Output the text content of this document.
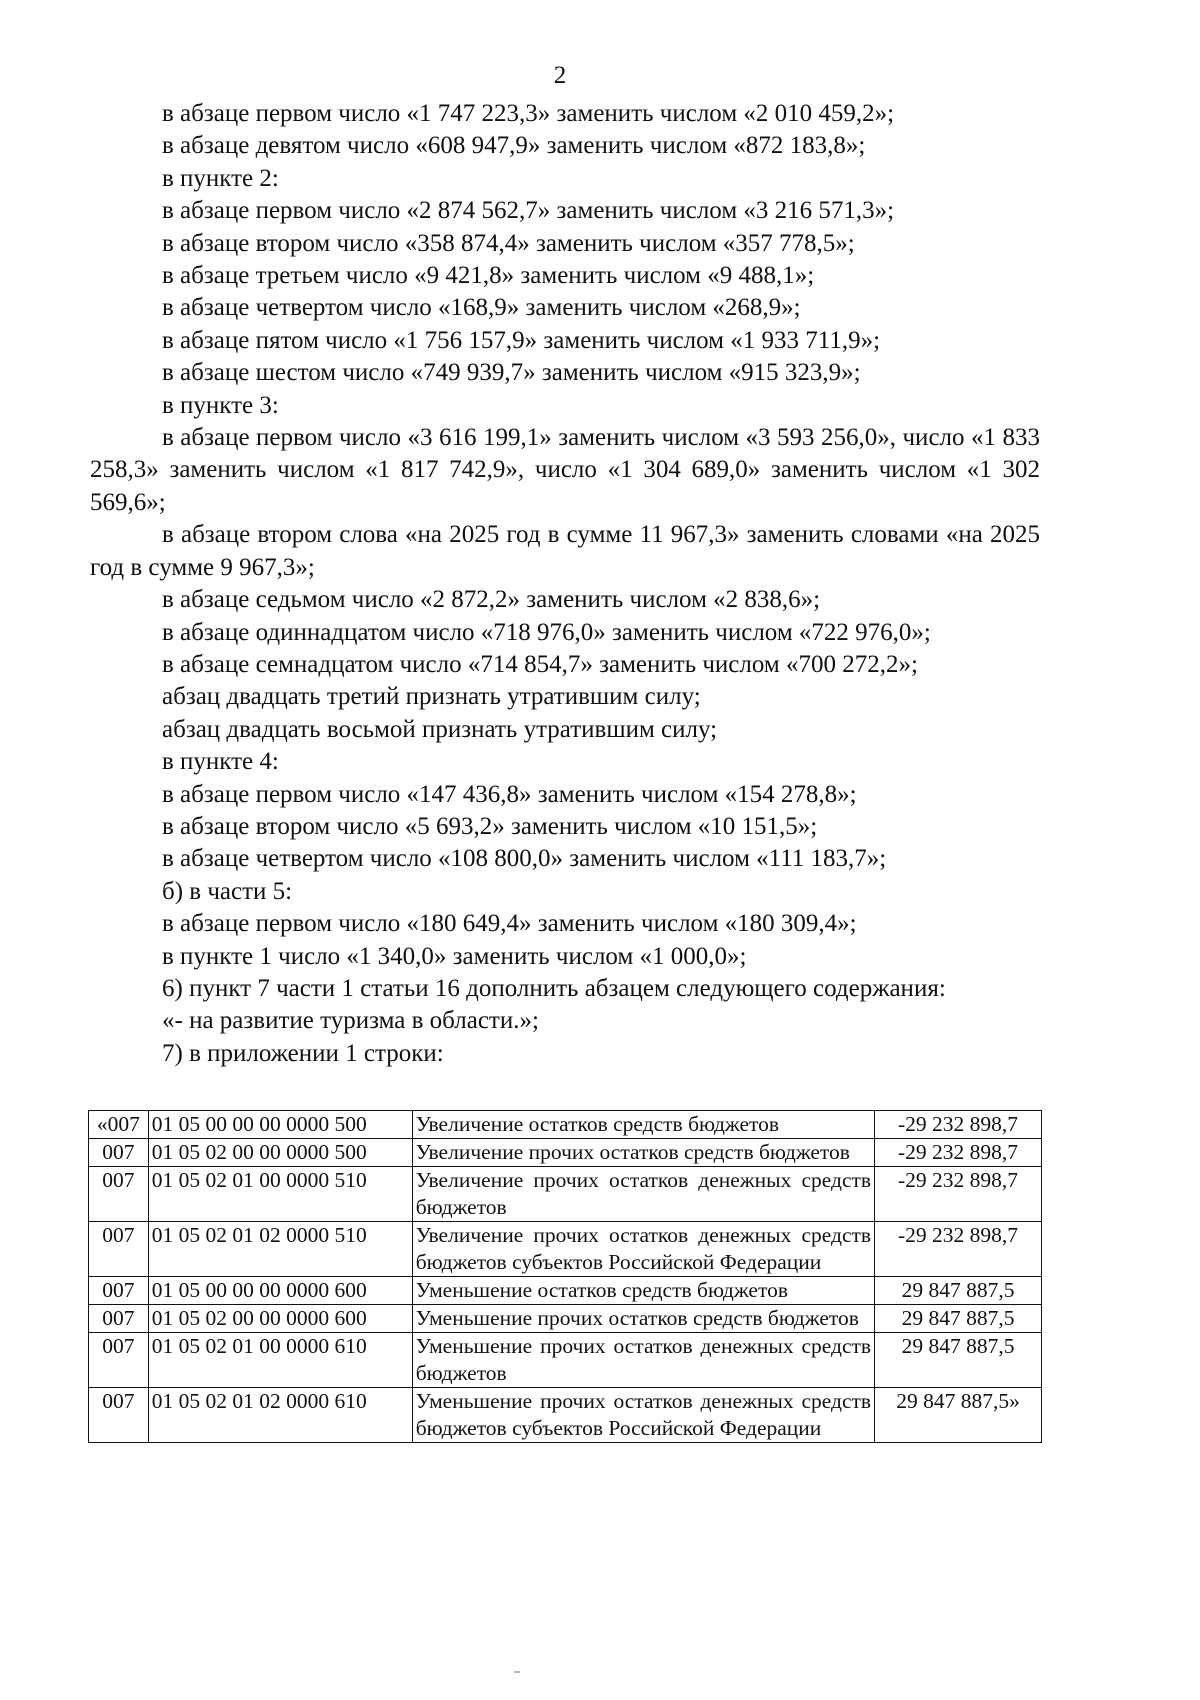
2

в абзаце первом число «1 747 223,3» заменить числом «2 010 459,2»;

в абзаце девятом число «608 947,9» заменить числом «872 183,8»;

в пункте 2:

в абзаце первом число «2 874 562,7» заменить числом «3 216 571,3»;

в абзаце втором число «358 874,4» заменить числом «357 778,5»;

в абзаце третьем число «9 421,8» заменить числом «9 488,1»;

в абзаце четвертом число «168,9» заменить числом «268,9»;

в абзаце пятом число «1 756 157,9» заменить числом «1 933 711,9»;

в абзаце шестом число «749 939,7» заменить числом «915 323,9»;

в пункте 3:

в абзаце первом число «3 616 199,1» заменить числом «3 593 256,0», число «1 833 258,3» заменить числом «1 817 742,9», число «1 304 689,0» заменить числом «1 302 569,6»;

в абзаце втором слова «на 2025 год в сумме 11 967,3» заменить словами «на 2025 год в сумме 9 967,3»;

в абзаце седьмом число «2 872,2» заменить числом «2 838,6»;

в абзаце одиннадцатом число «718 976,0» заменить числом «722 976,0»;

в абзаце семнадцатом число «714 854,7» заменить числом «700 272,2»;

абзац двадцать третий признать утратившим силу;

абзац двадцать восьмой признать утратившим силу;

в пункте 4:

в абзаце первом число «147 436,8» заменить числом «154 278,8»;

в абзаце втором число «5 693,2» заменить числом «10 151,5»;

в абзаце четвертом число «108 800,0» заменить числом «111 183,7»;

б) в части 5:

в абзаце первом число «180 649,4» заменить числом «180 309,4»;

в пункте 1 число «1 340,0» заменить числом «1 000,0»;

6) пункт 7 части 1 статьи 16 дополнить абзацем следующего содержания:

«- на развитие туризма в области.»;

7) в приложении 1 строки:

«007	01 05 00 00 00 0000 500	Увеличение остатков средств бюджетов	-29 232 898,7
007	01 05 02 00 00 0000 500	Увеличение прочих остатков средств бюджетов	-29 232 898,7
007	01 05 02 01 00 0000 510	Увеличение прочих остатков денежных средств бюджетов	-29 232 898,7
007	01 05 02 01 02 0000 510	Увеличение прочих остатков денежных средств бюджетов субъектов Российской Федерации	-29 232 898,7
007	01 05 00 00 00 0000 600	Уменьшение остатков средств бюджетов	29 847 887,5
007	01 05 02 00 00 0000 600	Уменьшение прочих остатков средств бюджетов	29 847 887,5
007	01 05 02 01 00 0000 610	Уменьшение прочих остатков денежных средств бюджетов	29 847 887,5
007	01 05 02 01 02 0000 610	Уменьшение прочих остатков денежных средств бюджетов субъектов Российской Федерации	29 847 887,5»
